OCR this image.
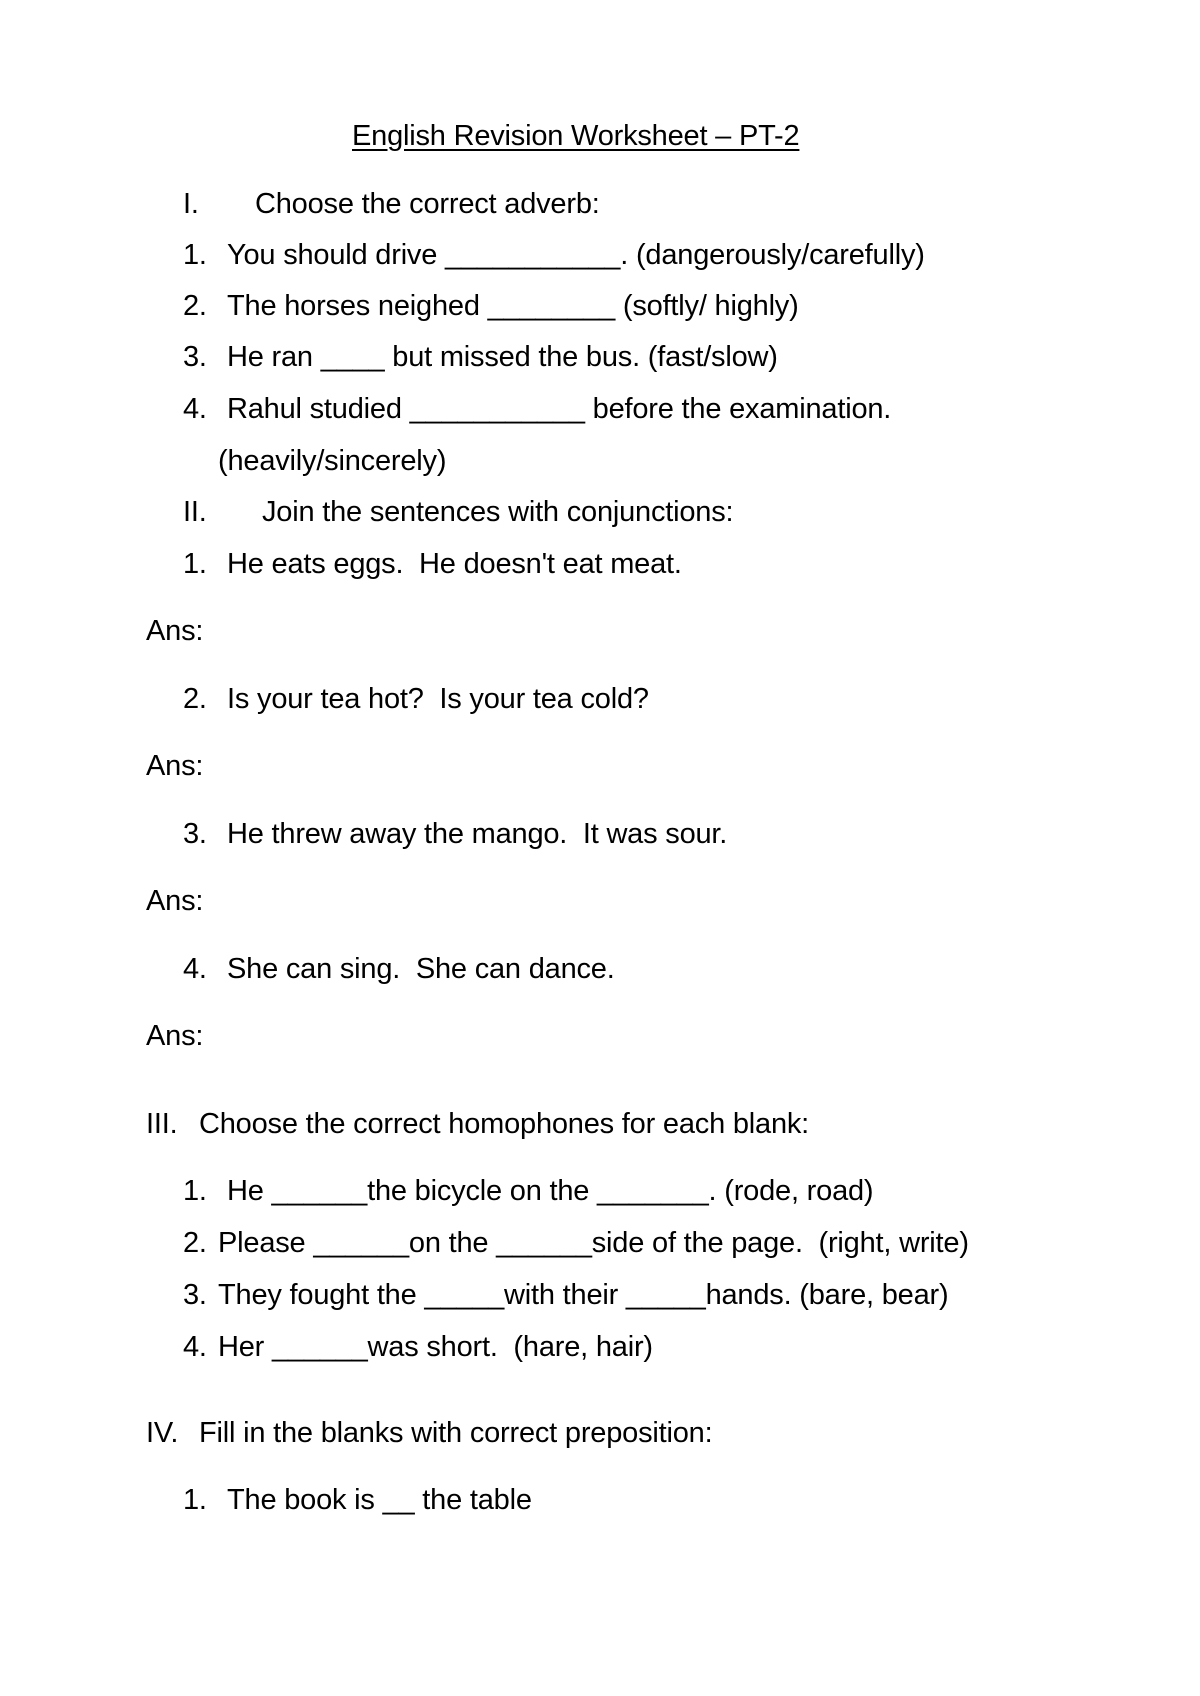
English Revision Worksheet – PT-2
I. Choose the correct adverb:
1. You should drive ___________. (dangerously/carefully)
2. The horses neighed ________ (softly/ highly)
3. He ran ____ but missed the bus. (fast/slow)
4. Rahul studied ___________ before the examination.
(heavily/sincerely)
II. Join the sentences with conjunctions:
1. He eats eggs.  He doesn't eat meat.
Ans:
2. Is your tea hot?  Is your tea cold?
Ans:
3. He threw away the mango.  It was sour.
Ans:
4. She can sing.  She can dance.
Ans:
III. Choose the correct homophones for each blank:
1. He ______the bicycle on the _______. (rode, road)
2. Please ______on the ______side of the page.  (right, write)
3. They fought the _____with their _____hands. (bare, bear)
4. Her ______was short.  (hare, hair)
IV. Fill in the blanks with correct preposition:
1. The book is __ the table
